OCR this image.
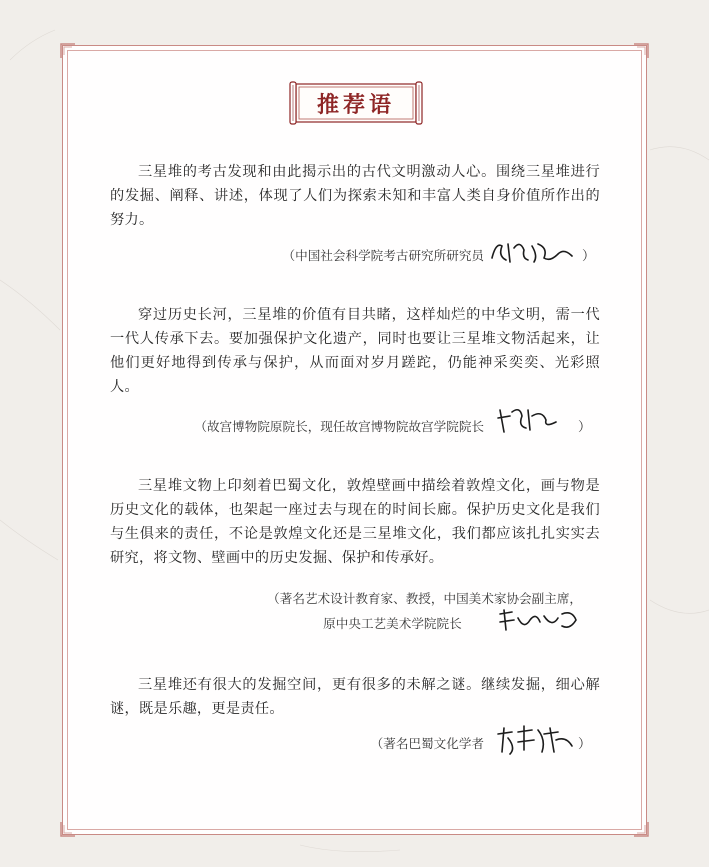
推荐语
三星堆的考古发现和由此揭示出的古代文明激动人心。围绕三星堆进行的发掘、阐释、讲述，体现了人们为探索未知和丰富人类自身价值所作出的努力。
（中国社会科学院考古研究所研究员	）
穿过历史长河，三星堆的价值有目共睹，这样灿烂的中华文明，需一代一代人传承下去。要加强保护文化遗产，同时也要让三星堆文物活起来，让他们更好地得到传承与保护，从而面对岁月蹉跎，仍能神采奕奕、光彩照人。
（故宫博物院原院长，现任故宫博物院故宫学院院长	）
三星堆文物上印刻着巴蜀文化，敦煌壁画中描绘着敦煌文化，画与物是历史文化的载体，也架起一座过去与现在的时间长廊。保护历史文化是我们与生俱来的责任，不论是敦煌文化还是三星堆文化，我们都应该扎扎实实去研究，将文物、壁画中的历史发掘、保护和传承好。
（著名艺术设计教育家、教授，中国美术家协会副主席，
原中央工艺美术学院院长
三星堆还有很大的发掘空间，更有很多的未解之谜。继续发掘，细心解谜，既是乐趣，更是责任。
（著名巴蜀文化学者	）
